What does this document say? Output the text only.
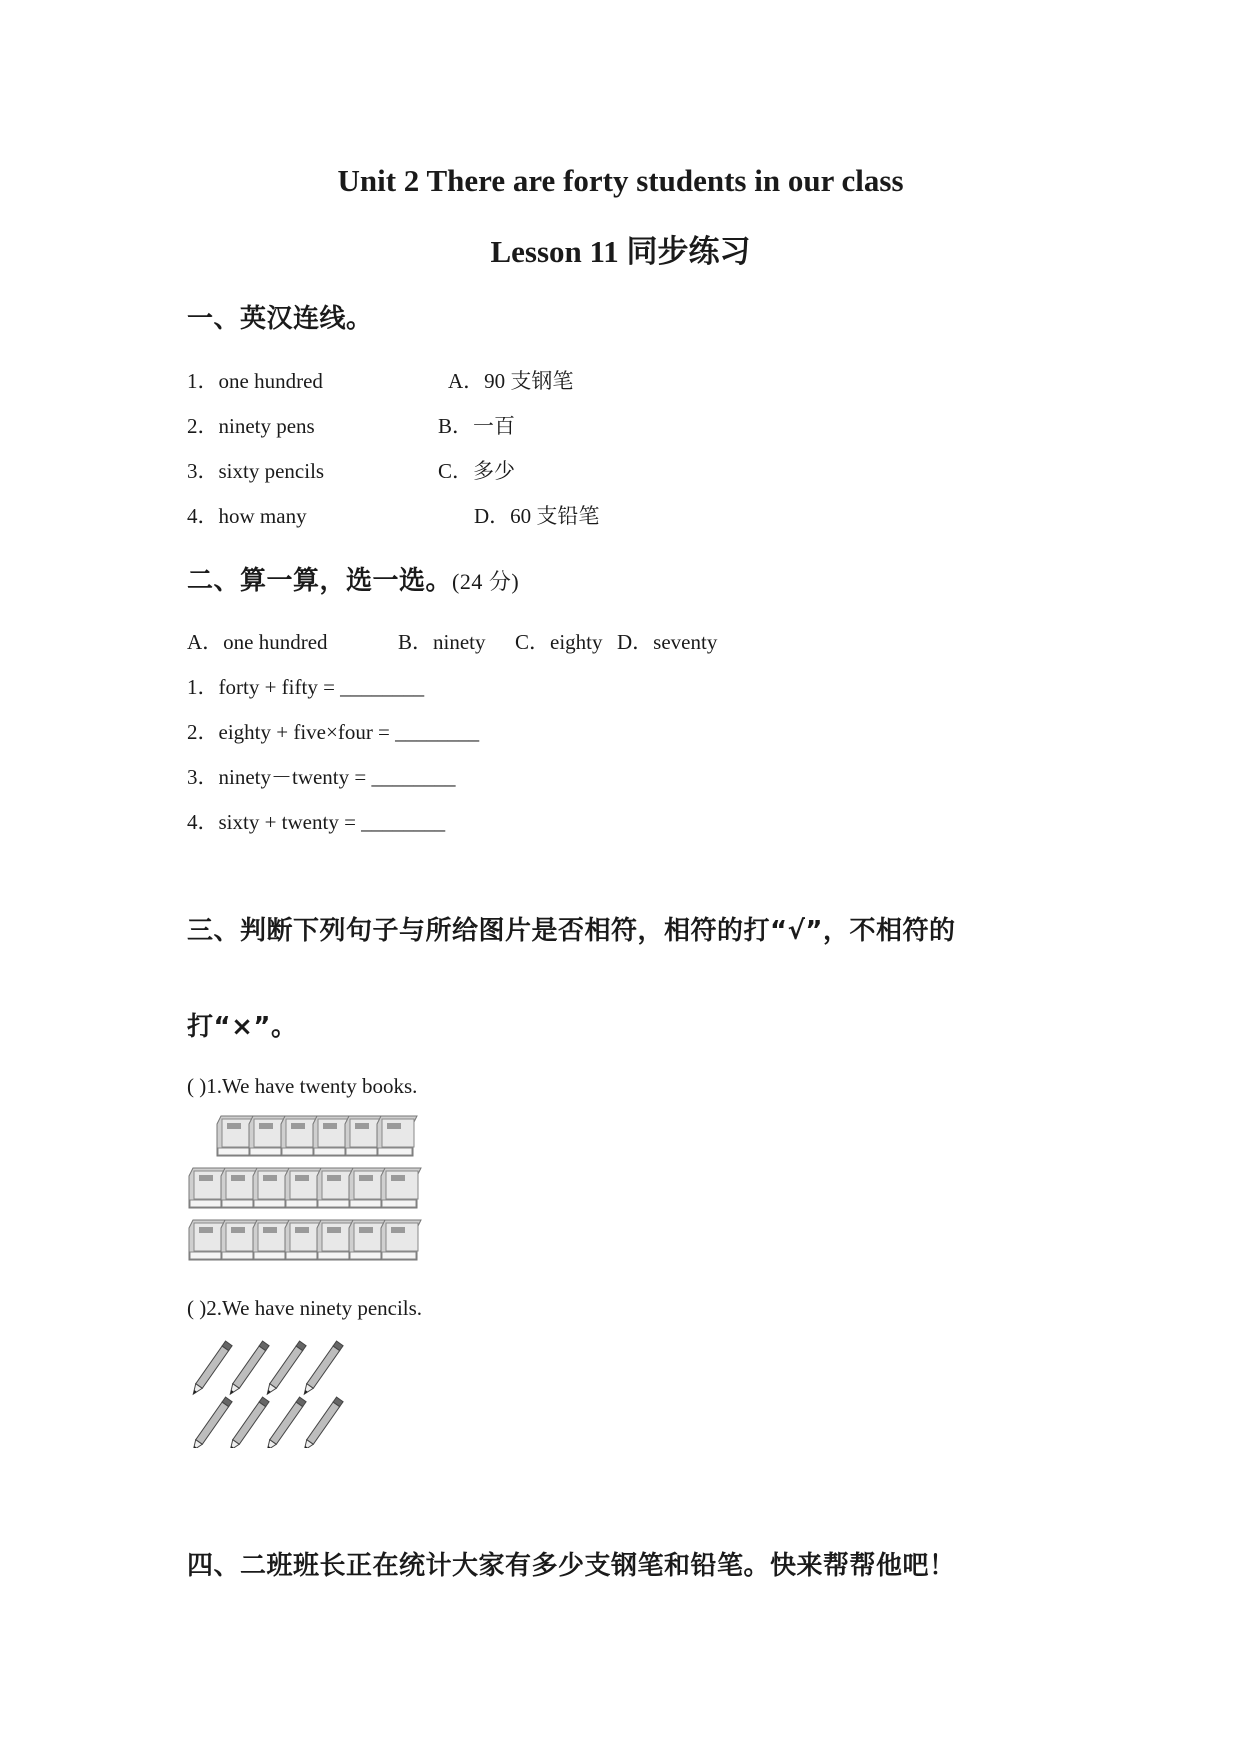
Unit 2 There are forty students in our class
Lesson 11 同步练习
一、英汉连线。
1．one hundred
2．ninety pens
3．sixty pencils
4．how many
A．90 支钢笔
B．一百
C．多少
D．60 支铅笔
二、算一算，选一选。(24 分)
A．one hundred	B．ninety C．eighty D．seventy
1．forty + fifty = ________
2．eighty + five×four = ________
3．ninety－twenty = ________
4．sixty + twenty = ________
三、判断下列句子与所给图片是否相符，相符的打“√”，不相符的
打“×”。
( )1.We have twenty books.
( )2.We have ninety pencils.
四、二班班长正在统计大家有多少支钢笔和铅笔。快来帮帮他吧！
